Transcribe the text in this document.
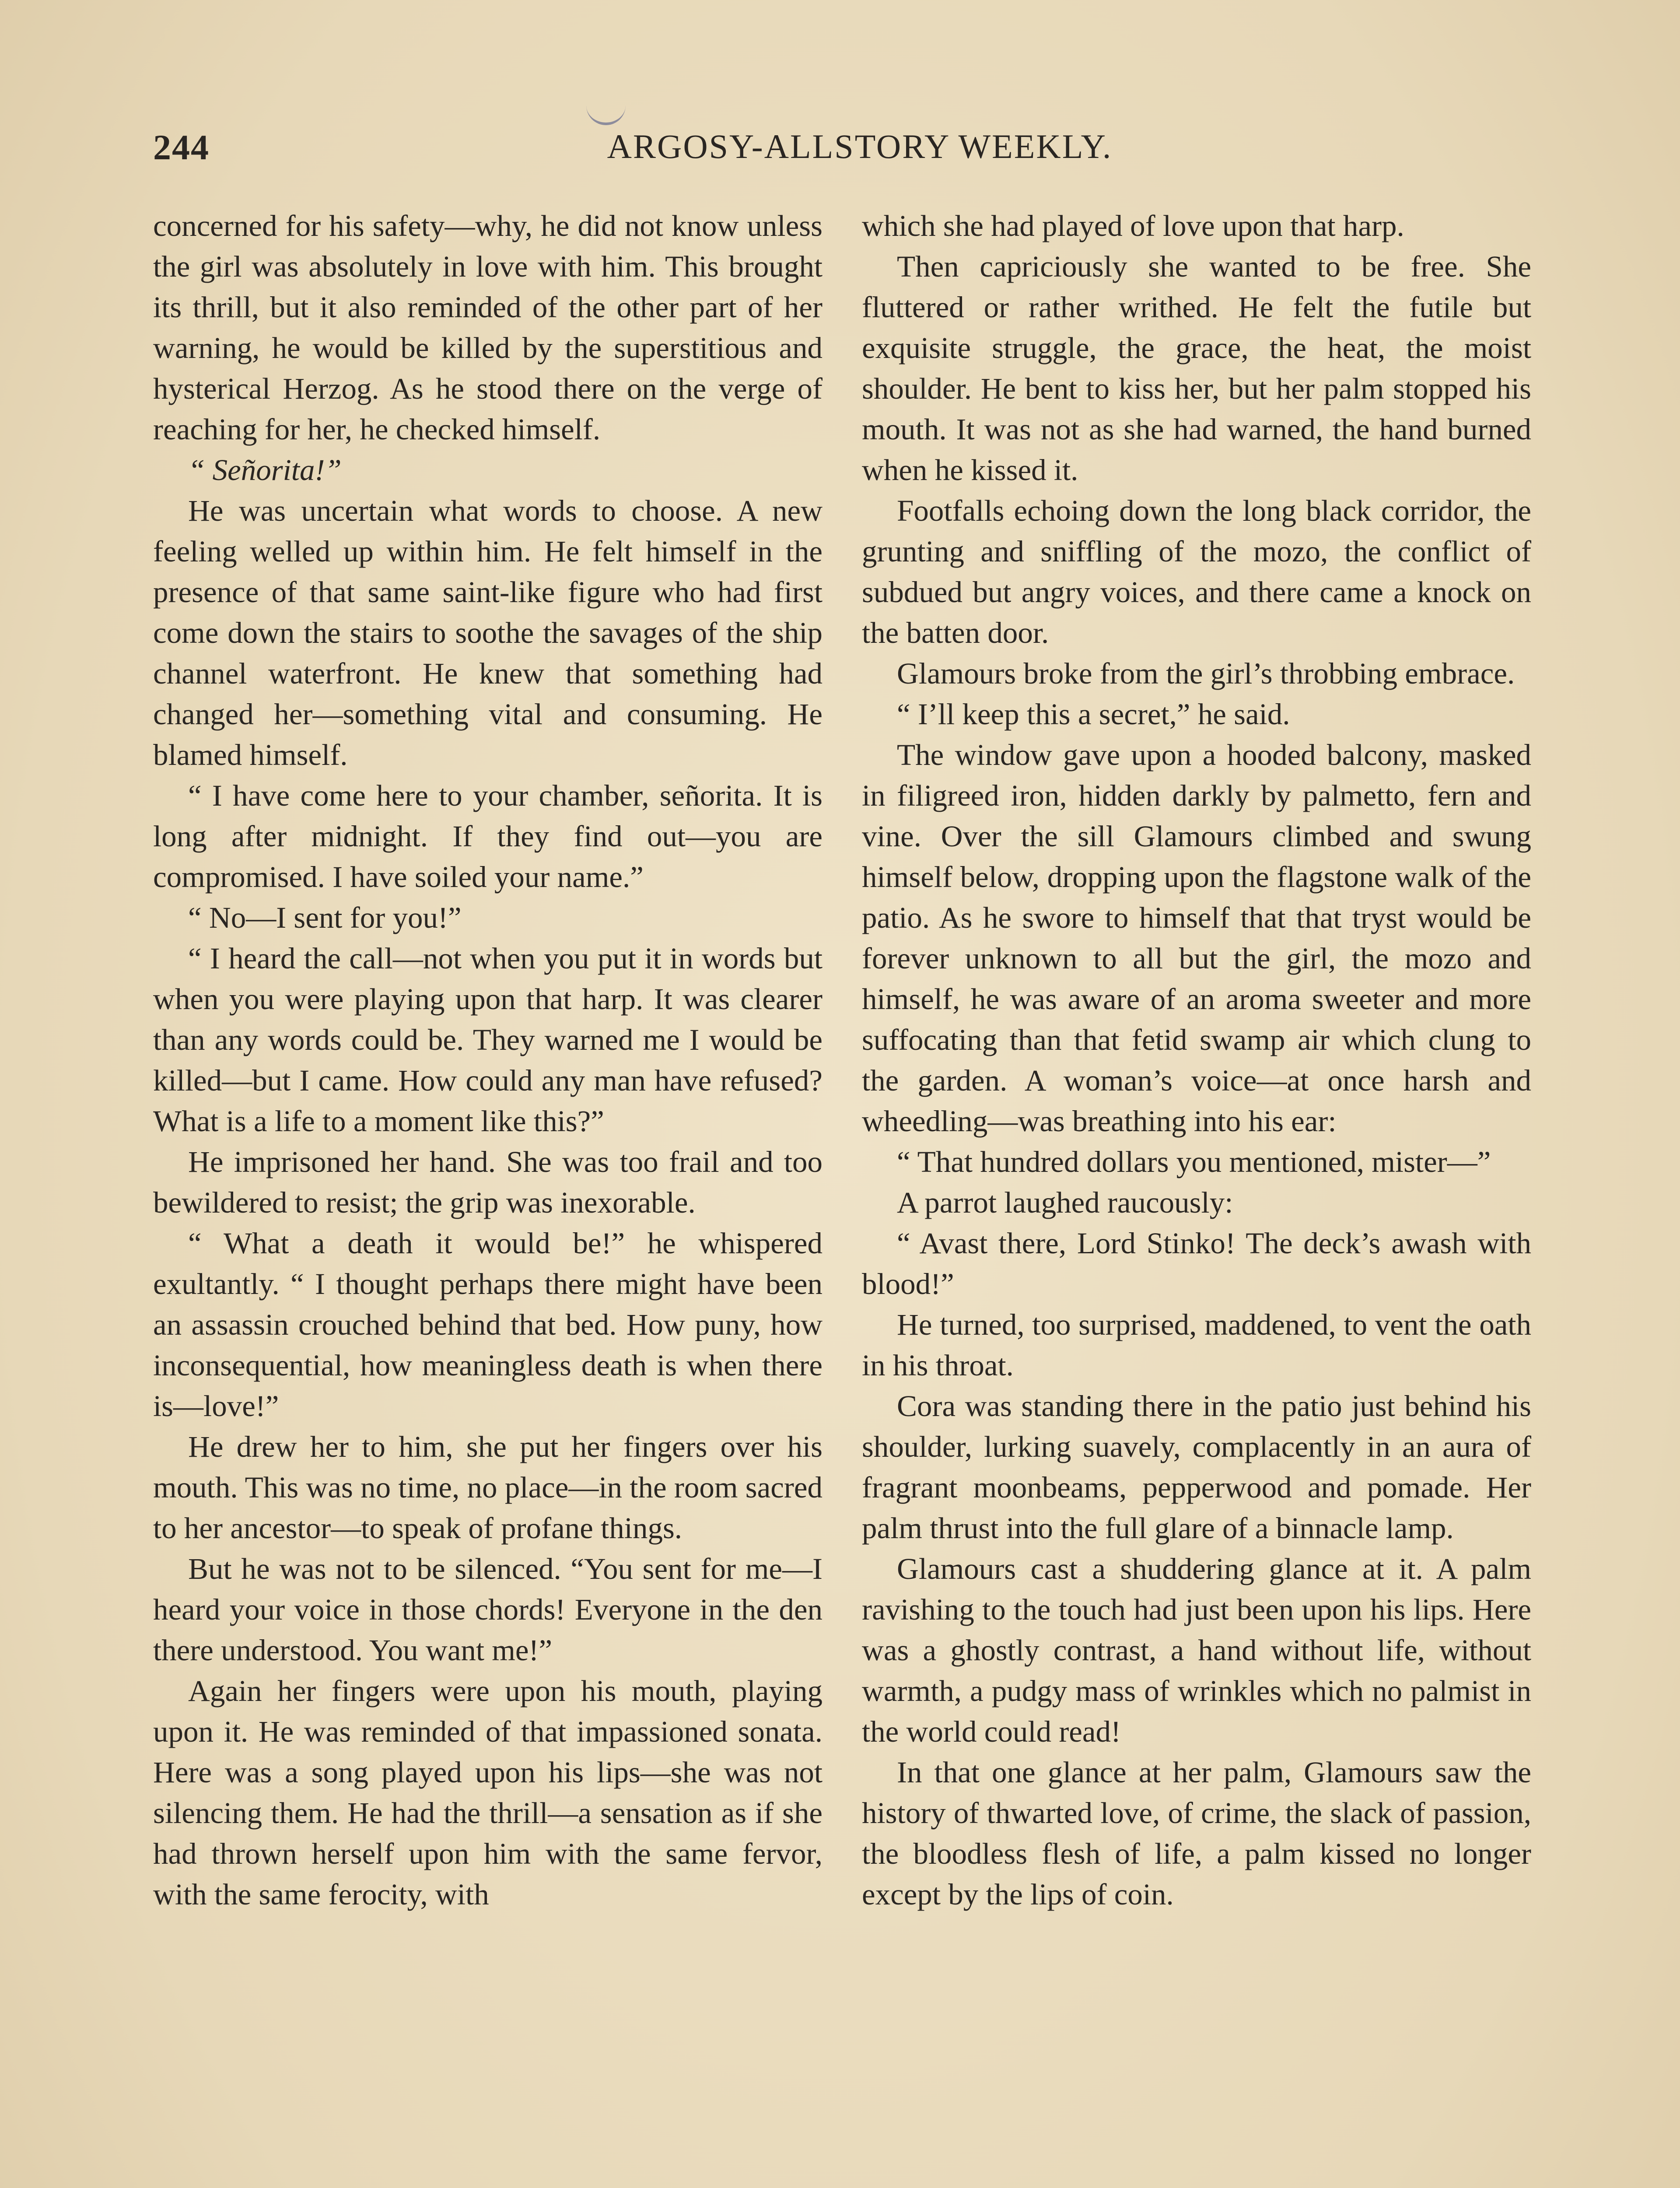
244	ARGOSY-ALLSTORY WEEKLY.

concerned for his safety—why, he did not know unless the girl was absolutely in love with him. This brought its thrill, but it also reminded of the other part of her warning, he would be killed by the superstitious and hysterical Herzog. As he stood there on the verge of reaching for her, he checked himself.

“ Señorita!”

He was uncertain what words to choose. A new feeling welled up within him. He felt himself in the presence of that same saint-like figure who had first come down the stairs to soothe the savages of the ship channel waterfront. He knew that something had changed her—something vital and consuming. He blamed himself.

“ I have come here to your chamber, señorita. It is long after midnight. If they find out—you are compromised. I have soiled your name.”

“ No—I sent for you!”

“ I heard the call—not when you put it in words but when you were playing upon that harp. It was clearer than any words could be. They warned me I would be killed—but I came. How could any man have refused? What is a life to a moment like this?”

He imprisoned her hand. She was too frail and too bewildered to resist; the grip was inexorable.

“ What a death it would be!” he whispered exultantly. “ I thought perhaps there might have been an assassin crouched behind that bed. How puny, how inconsequential, how meaningless death is when there is—love!”

He drew her to him, she put her fingers over his mouth. This was no time, no place—in the room sacred to her ancestor—to speak of profane things.

But he was not to be silenced. “You sent for me—I heard your voice in those chords! Everyone in the den there understood. You want me!”

Again her fingers were upon his mouth, playing upon it. He was reminded of that impassioned sonata. Here was a song played upon his lips—she was not silencing them. He had the thrill—a sensation as if she had thrown herself upon him with the same fervor, with the same ferocity, with

which she had played of love upon that harp.

Then capriciously she wanted to be free. She fluttered or rather writhed. He felt the futile but exquisite struggle, the grace, the heat, the moist shoulder. He bent to kiss her, but her palm stopped his mouth. It was not as she had warned, the hand burned when he kissed it.

Footfalls echoing down the long black corridor, the grunting and sniffling of the mozo, the conflict of subdued but angry voices, and there came a knock on the batten door.

Glamours broke from the girl’s throbbing embrace.

“ I’ll keep this a secret,” he said.

The window gave upon a hooded balcony, masked in filigreed iron, hidden darkly by palmetto, fern and vine. Over the sill Glamours climbed and swung himself below, dropping upon the flagstone walk of the patio. As he swore to himself that that tryst would be forever unknown to all but the girl, the mozo and himself, he was aware of an aroma sweeter and more suffocating than that fetid swamp air which clung to the garden. A woman’s voice—at once harsh and wheedling—was breathing into his ear:

“ That hundred dollars you mentioned, mister—”

A parrot laughed raucously:

“ Avast there, Lord Stinko! The deck’s awash with blood!”

He turned, too surprised, maddened, to vent the oath in his throat.

Cora was standing there in the patio just behind his shoulder, lurking suavely, complacently in an aura of fragrant moonbeams, pepperwood and pomade. Her palm thrust into the full glare of a binnacle lamp.

Glamours cast a shuddering glance at it. A palm ravishing to the touch had just been upon his lips. Here was a ghostly contrast, a hand without life, without warmth, a pudgy mass of wrinkles which no palmist in the world could read!

In that one glance at her palm, Glamours saw the history of thwarted love, of crime, the slack of passion, the bloodless flesh of life, a palm kissed no longer except by the lips of coin.
